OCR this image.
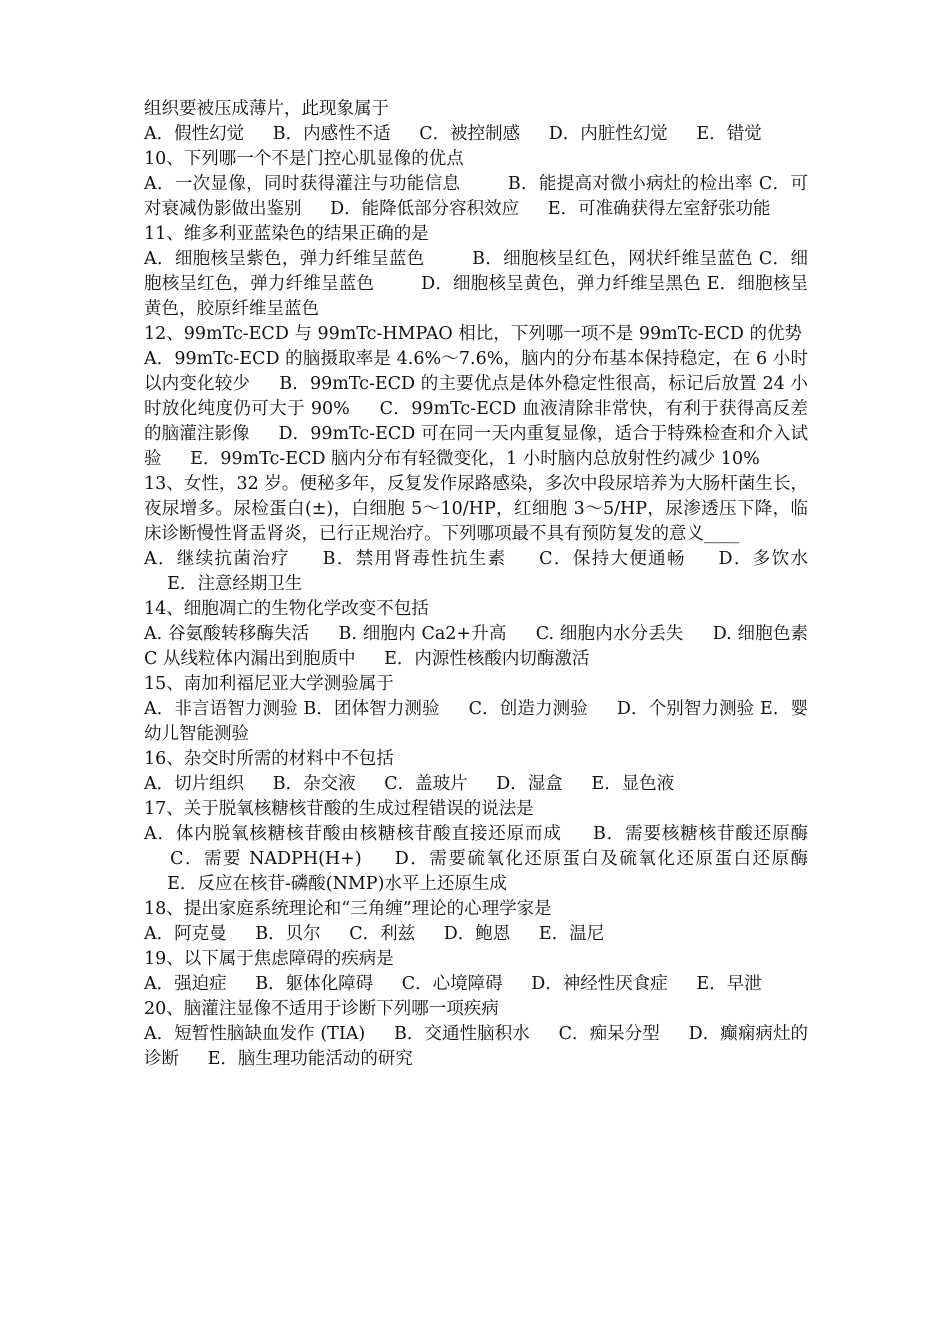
组织要被压成薄片，此现象属于
A．假性幻觉 　 B．内感性不适 　 C．被控制感 　 D．内脏性幻觉 　 E．错觉
10、下列哪一个不是门控心肌显像的优点
A．一次显像，同时获得灌注与功能信息 　　 B．能提高对微小病灶的检出率 C．可对衰减伪影做出鉴别 　 D．能降低部分容积效应 　 E．可准确获得左室舒张功能
11、维多利亚蓝染色的结果正确的是
A．细胞核呈紫色，弹力纤维呈蓝色 　　 B．细胞核呈红色，网状纤维呈蓝色 C．细胞核呈红色，弹力纤维呈蓝色 　　 D．细胞核呈黄色，弹力纤维呈黑色 E．细胞核呈黄色，胶原纤维呈蓝色
12、99mTc-ECD 与 99mTc-HMPAO 相比，下列哪一项不是 99mTc-ECD 的优势
A．99mTc-ECD 的脑摄取率是 4.6%～7.6%，脑内的分布基本保持稳定，在 6 小时以内变化较少 　 B．99mTc-ECD 的主要优点是体外稳定性很高，标记后放置 24 小时放化纯度仍可大于 90% 　 C．99mTc-ECD 血液清除非常快，有利于获得高反差的脑灌注影像 　 D．99mTc-ECD 可在同一天内重复显像，适合于特殊检查和介入试验 　 E．99mTc-ECD 脑内分布有轻微变化，1 小时脑内总放射性约减少 10%
13、女性，32 岁。便秘多年，反复发作尿路感染，多次中段尿培养为大肠杆菌生长，夜尿增多。尿检蛋白(±)，白细胞 5～10/HP，红细胞 3～5/HP，尿渗透压下降，临床诊断慢性肾盂肾炎，已行正规治疗。下列哪项最不具有预防复发的意义____
A．继续抗菌治疗 　 B．禁用肾毒性抗生素 　 C．保持大便通畅 　 D．多饮水 　 E．注意经期卫生
14、细胞凋亡的生物化学改变不包括
A. 谷氨酸转移酶失活 　 B. 细胞内 Ca2+升高 　 C. 细胞内水分丢失 　 D. 细胞色素 C 从线粒体内漏出到胞质中 　 E．内源性核酸内切酶激活
15、南加利福尼亚大学测验属于
A．非言语智力测验 B．团体智力测验 　 C．创造力测验 　 D．个别智力测验 E．婴幼儿智能测验
16、杂交时所需的材料中不包括
A．切片组织 　 B．杂交液 　 C．盖玻片 　 D．湿盒 　 E．显色液
17、关于脱氧核糖核苷酸的生成过程错误的说法是
A．体内脱氧核糖核苷酸由核糖核苷酸直接还原而成 　 B．需要核糖核苷酸还原酶 　 C．需要 NADPH(H+) 　 D．需要硫氧化还原蛋白及硫氧化还原蛋白还原酶 　 E．反应在核苷-磷酸(NMP)水平上还原生成
18、提出家庭系统理论和“三角缠”理论的心理学家是
A．阿克曼 　 B．贝尔 　 C．利兹 　 D．鲍恩 　 E．温尼
19、以下属于焦虑障碍的疾病是
A．强迫症 　 B．躯体化障碍 　 C．心境障碍 　 D．神经性厌食症 　 E．早泄
20、脑灌注显像不适用于诊断下列哪一项疾病
A．短暂性脑缺血发作 (TIA) 　 B．交通性脑积水 　 C．痴呆分型 　 D．癫痫病灶的诊断 　 E．脑生理功能活动的研究
